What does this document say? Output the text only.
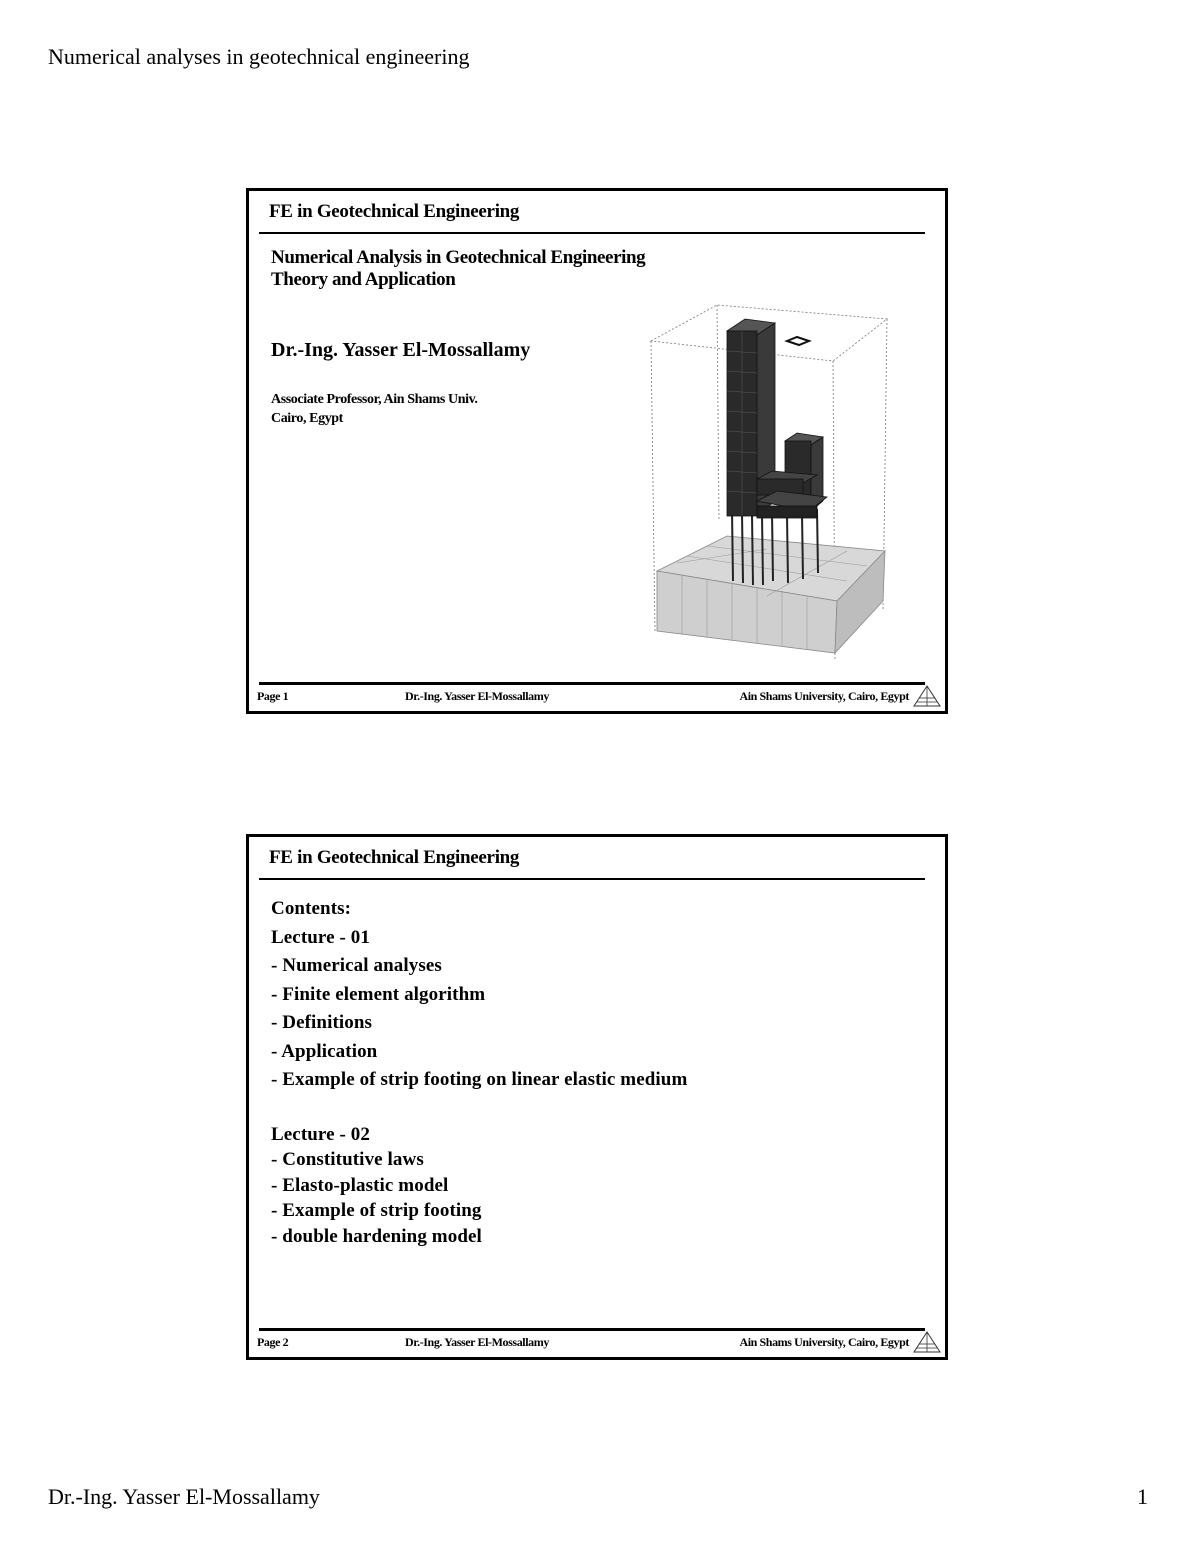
Numerical analyses in geotechnical engineering
FE in Geotechnical Engineering
Numerical Analysis in Geotechnical Engineering
Theory and Application
Dr.-Ing. Yasser El-Mossallamy
Associate Professor, Ain Shams Univ.
Cairo, Egypt
Page 1	Dr.-Ing. Yasser El-Mossallamy	Ain Shams University, Cairo, Egypt
FE in Geotechnical Engineering
Contents:
Lecture - 01
- Numerical analyses
- Finite element algorithm
- Definitions
- Application
- Example of strip footing on linear elastic medium
Lecture - 02
- Constitutive laws
- Elasto-plastic model
- Example of strip footing
- double hardening model
Page 2	Dr.-Ing. Yasser El-Mossallamy	Ain Shams University, Cairo, Egypt
Dr.-Ing. Yasser El-Mossallamy	1
